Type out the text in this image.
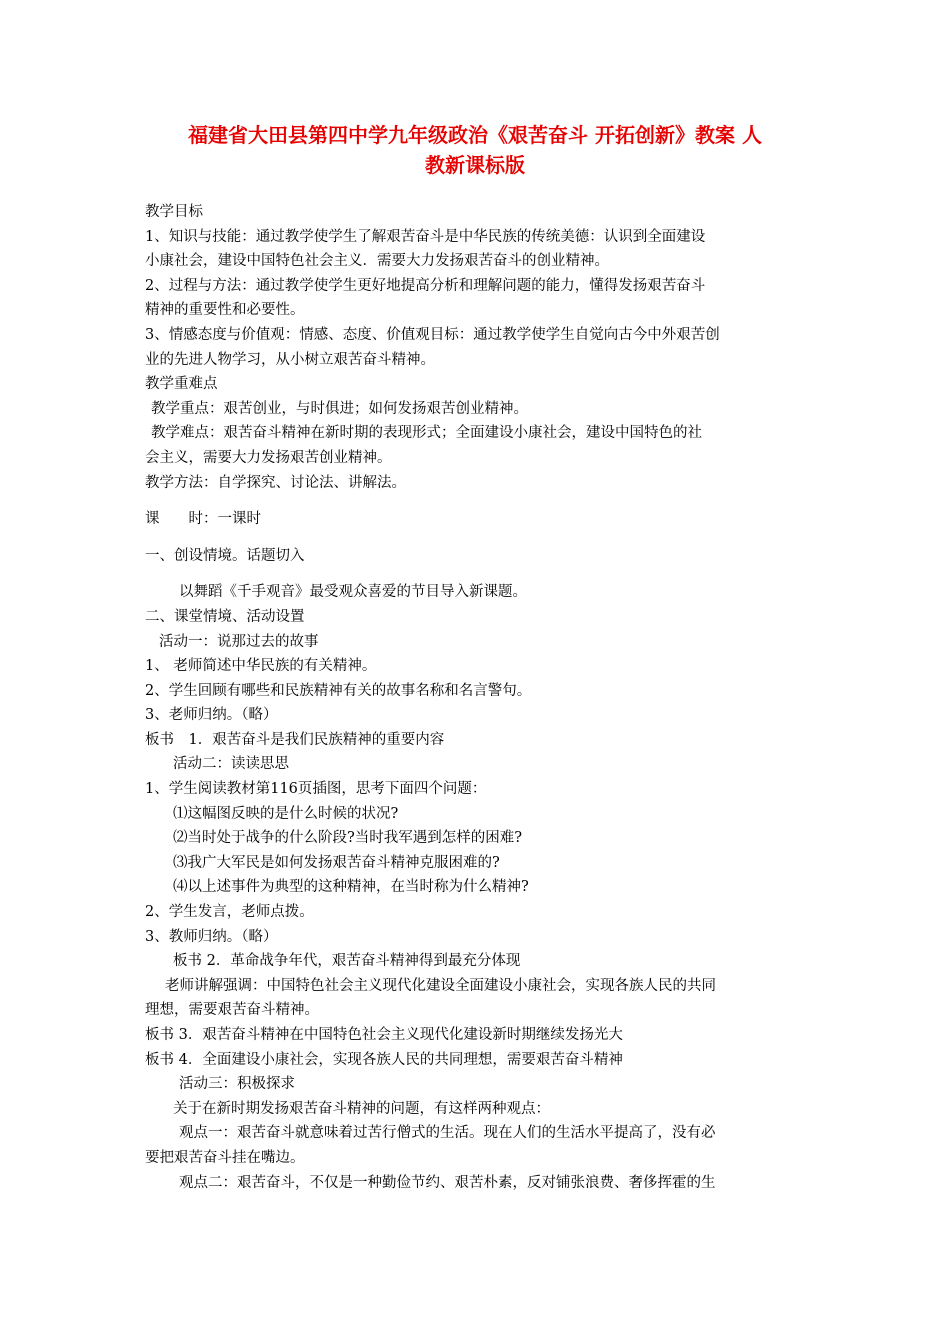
福建省大田县第四中学九年级政治《艰苦奋斗 开拓创新》教案 人
教新课标版
教学目标
1、知识与技能：通过教学使学生了解艰苦奋斗是中华民族的传统美德：认识到全面建设
小康社会，建设中国特色社会主义．需要大力发扬艰苦奋斗的创业精神。
2、过程与方法：通过教学使学生更好地提高分析和理解问题的能力，懂得发扬艰苦奋斗
精神的重要性和必要性。
3、情感态度与价值观：情感、态度、价值观目标：通过教学使学生自觉向古今中外艰苦创
业的先进人物学习，从小树立艰苦奋斗精神。
教学重难点
教学重点：艰苦创业，与时俱进；如何发扬艰苦创业精神。
教学难点：艰苦奋斗精神在新时期的表现形式；全面建设小康社会，建设中国特色的社
会主义，需要大力发扬艰苦创业精神。
教学方法：自学探究、讨论法、讲解法。
课　　时：一课时
一、创设情境。话题切入
以舞蹈《千手观音》最受观众喜爱的节目导入新课题。
二、课堂情境、活动设置
活动一：说那过去的故事
1、 老师简述中华民族的有关精神。
2、学生回顾有哪些和民族精神有关的故事名称和名言警句。
3、老师归纳。（略）
板书　1．艰苦奋斗是我们民族精神的重要内容
活动二：读读思思
1、学生阅读教材第116页插图，思考下面四个问题：
⑴这幅图反映的是什么时候的状况?
⑵当时处于战争的什么阶段?当时我军遇到怎样的困难?
⑶我广大军民是如何发扬艰苦奋斗精神克服困难的?
⑷以上述事件为典型的这种精神，在当时称为什么精神?
2、学生发言，老师点拨。
3、教师归纳。（略）
板书 2．革命战争年代，艰苦奋斗精神得到最充分体现
老师讲解强调：中国特色社会主义现代化建设全面建设小康社会，实现各族人民的共同
理想，需要艰苦奋斗精神。
板书 3．艰苦奋斗精神在中国特色社会主义现代化建设新时期继续发扬光大
板书 4．全面建设小康社会，实现各族人民的共同理想，需要艰苦奋斗精神
活动三：积极探求
关于在新时期发扬艰苦奋斗精神的问题，有这样两种观点：
观点一：艰苦奋斗就意味着过苦行僧式的生活。现在人们的生活水平提高了，没有必
要把艰苦奋斗挂在嘴边。
观点二：艰苦奋斗，不仅是一种勤俭节约、艰苦朴素，反对铺张浪费、奢侈挥霍的生
